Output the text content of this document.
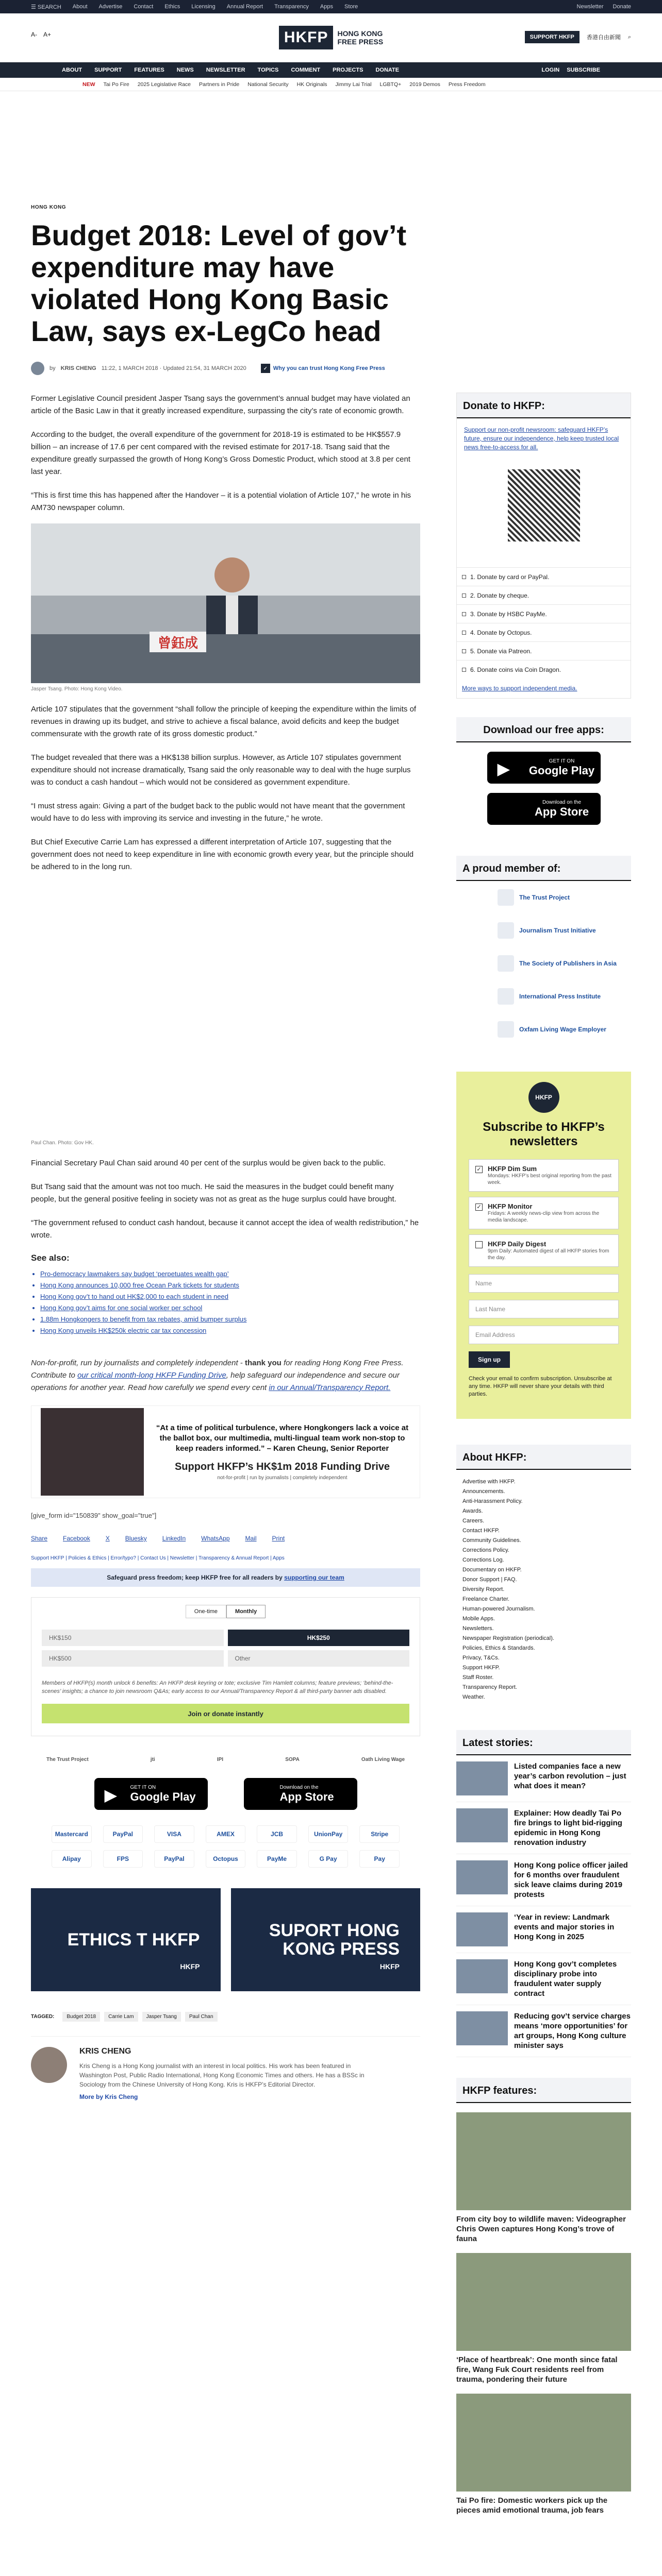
☰ SEARCH About Advertise Contact Ethics Licensing Annual Report Transparency Apps Store	Newsletter Donate
A- A+	HKFP	HONG KONG
FREE PRESS
SUPPORT HKFP	香港自由新聞 ⌕
ABOUT SUPPORT FEATURES NEWS NEWSLETTER TOPICS COMMENT PROJECTS DONATE	LOGIN SUBSCRIBE
NEW Tai Po Fire 2025 Legislative Race Partners in Pride National Security HK Originals Jimmy Lai Trial LGBTQ+ 2019 Demos Press Freedom
HONG KONG
Budget 2018: Level of gov’t expenditure may have violated Hong Kong Basic Law, says ex-LegCo head
by KRIS CHENG 11:22, 1 MARCH 2018 · Updated 21:54, 31 MARCH 2020	✓	Why you can trust Hong Kong Free Press

Former Legislative Council president Jasper Tsang says the government’s annual budget may have violated an article of the Basic Law in that it greatly increased expenditure, surpassing the city’s rate of economic growth.

According to the budget, the overall expenditure of the government for 2018-19 is estimated to be HK$557.9 billion – an increase of 17.6 per cent compared with the revised estimate for 2017-18. Tsang said that the expenditure greatly surpassed the growth of Hong Kong’s Gross Domestic Product, which stood at 3.8 per cent last year.

“This is first time this has happened after the Handover – it is a potential violation of Article 107,” he wrote in his AM730 newspaper column.

曾鈺成
Jasper Tsang. Photo: Hong Kong Video.

Article 107 stipulates that the government “shall follow the principle of keeping the expenditure within the limits of revenues in drawing up its budget, and strive to achieve a fiscal balance, avoid deficits and keep the budget commensurate with the growth rate of its gross domestic product.”

The budget revealed that there was a HK$138 billion surplus. However, as Article 107 stipulates government expenditure should not increase dramatically, Tsang said the only reasonable way to deal with the huge surplus was to conduct a cash handout – which would not be considered as government expenditure.

“I must stress again: Giving a part of the budget back to the public would not have meant that the government would have to do less with improving its service and investing in the future,” he wrote.

But Chief Executive Carrie Lam has expressed a different interpretation of Article 107, suggesting that the government does not need to keep expenditure in line with economic growth every year, but the principle should be adhered to in the long run.

Paul Chan. Photo: Gov HK.

Financial Secretary Paul Chan said around 40 per cent of the surplus would be given back to the public.

But Tsang said that the amount was not too much. He said the measures in the budget could benefit many people, but the general positive feeling in society was not as great as the huge surplus could have brought.

“The government refused to conduct cash handout, because it cannot accept the idea of wealth redistribution,” he wrote.

See also:
• Pro-democracy lawmakers say budget ‘perpetuates wealth gap’
• Hong Kong announces 10,000 free Ocean Park tickets for students
• Hong Kong gov’t to hand out HK$2,000 to each student in need
• Hong Kong gov’t aims for one social worker per school
• 1.88m Hongkongers to benefit from tax rebates, amid bumper surplus
• Hong Kong unveils HK$250k electric car tax concession

Non-for-profit, run by journalists and completely independent - thank you for reading Hong Kong Free Press. Contribute to our critical month-long HKFP Funding Drive, help safeguard our independence and secure our operations for another year. Read how carefully we spend every cent in our Annual/Transparency Report.

“At a time of political turbulence, where Hongkongers lack a voice at the ballot box, our multimedia, multi-lingual team work non-stop to keep readers informed.” – Karen Cheung, Senior Reporter
Support HKFP’s HK$1m 2018 Funding Drive
not-for-profit | run by journalists | completely independent
[give_form id="150839" show_goal="true"]
Share	Facebook	X	Bluesky	LinkedIn	WhatsApp	Mail	Print
Support HKFP | Policies & Ethics | Error/typo? | Contact Us | Newsletter | Transparency & Annual Report | Apps
Safeguard press freedom; keep HKFP free for all readers by
supporting our team
One-time	Monthly
HK$150	HK$250
HK$500	Other
Members of HKFP(s) month unlock 6 benefits: An HKFP desk keyring or tote; exclusive Tim Hamlett columns; feature previews; ‘behind-the-scenes’ insights; a chance to join newsroom Q&As; early access to our Annual/Transparency Report & all third-party banner ads disabled.
Join or donate instantly
The Trust Project	jti	IPI	SOPA	Oath Living Wage
▶	GET IT ON
Google Play
Download on the
App Store
Mastercard	PayPal	VISA	AMEX	JCB	UnionPay	Stripe
Alipay	FPS	PayPal	Octopus	PayMe	G Pay	Pay
ETHICS T HKFP
HKFP
SUPORT HONG KONG PRESS
HKFP
TAGGED:	Budget 2018	Carrie Lam	Jasper Tsang	Paul Chan
KRIS CHENG
Kris Cheng is a Hong Kong journalist with an interest in local politics. His work has been featured in Washington Post, Public Radio International, Hong Kong Economic Times and others. He has a BSSc in Sociology from the Chinese University of Hong Kong. Kris is HKFP’s Editorial Director.
More by Kris Cheng
Donate to HKFP:
Support our non-profit newsroom: safeguard HKFP’s future, ensure our independence, help keep trusted local news free-to-access for all.
1. Donate by card or PayPal.
2. Donate by cheque.
3. Donate by HSBC PayMe.
4. Donate by Octopus.
5. Donate via Patreon.
6. Donate coins via Coin Dragon.
More ways to support independent media.
Download our free apps:
▶	GET IT ON
Google Play
Download on the
App Store
A proud member of:
The Trust Project
Journalism Trust Initiative
The Society of Publishers in Asia
International Press Institute
Oxfam Living Wage Employer
HKFP
Subscribe to HKFP’s newsletters
✓ HKFP Dim Sum
Mondays: HKFP’s best original reporting from the past week.
✓ HKFP Monitor
Fridays: A weekly news-clip view from across the media landscape.
HKFP Daily Digest
9pm Daily: Automated digest of all HKFP stories from the day.
Name
Last Name
Email Address
Sign up
Check your email to confirm subscription. Unsubscribe at any time. HKFP will never share your details with third parties.
About HKFP:
Advertise with HKFP.
Announcements.
Anti-Harassment Policy.
Awards.
Careers.
Contact HKFP.
Community Guidelines.
Corrections Policy.
Corrections Log.
Documentary on HKFP.
Donor Support | FAQ.
Diversity Report.
Freelance Charter.
Human-powered Journalism.
Mobile Apps.
Newsletters.
Newspaper Registration (periodical).
Policies, Ethics & Standards.
Privacy, T&Cs.
Support HKFP.
Staff Roster.
Transparency Report.
Weather.
Latest stories:
Listed companies face a new year’s carbon revolution – just what does it mean?
Explainer: How deadly Tai Po fire brings to light bid-rigging epidemic in Hong Kong renovation industry
Hong Kong police officer jailed for 6 months over fraudulent sick leave claims during 2019 protests
‘Year in review: Landmark events and major stories in Hong Kong in 2025
Hong Kong gov’t completes disciplinary probe into fraudulent water supply contract
Reducing gov’t service charges means ‘more opportunities’ for art groups, Hong Kong culture minister says
HKFP features:
From city boy to wildlife maven: Videographer Chris Owen captures Hong Kong’s trove of fauna
‘Place of heartbreak’: One month since fatal fire, Wang Fuk Court residents reel from trauma, pondering their future
Tai Po fire: Domestic workers pick up the pieces amid emotional trauma, job fears
